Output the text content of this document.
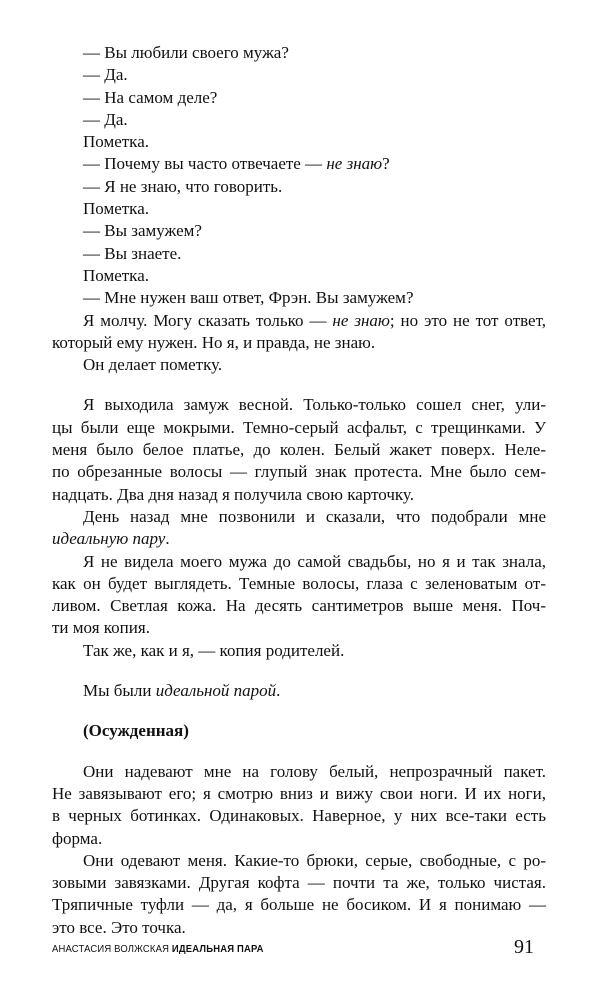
— Вы любили своего мужа?
— Да.
— На самом деле?
— Да.
Пометка.
— Почему вы часто отвечаете — не знаю?
— Я не знаю, что говорить.
Пометка.
— Вы замужем?
— Вы знаете.
Пометка.
— Мне нужен ваш ответ, Фрэн. Вы замужем?
Я молчу. Могу сказать только — не знаю; но это не тот ответ,
который ему нужен. Но я, и правда, не знаю.
Он делает пометку.
Я выходила замуж весной. Только-только сошел снег, ули-
цы были еще мокрыми. Темно-серый асфальт, с трещинками. У
меня было белое платье, до колен. Белый жакет поверх. Неле-
по обрезанные волосы — глупый знак протеста. Мне было сем-
надцать. Два дня назад я получила свою карточку.
День назад мне позвонили и сказали, что подобрали мне
идеальную пару.
Я не видела моего мужа до самой свадьбы, но я и так знала,
как он будет выглядеть. Темные волосы, глаза с зеленоватым от-
ливом. Светлая кожа. На десять сантиметров выше меня. Поч-
ти моя копия.
Так же, как и я, — копия родителей.
Мы были идеальной парой.
(Осужденная)
Они надевают мне на голову белый, непрозрачный пакет.
Не завязывают его; я смотрю вниз и вижу свои ноги. И их ноги,
в черных ботинках. Одинаковых. Наверное, у них все-таки есть
форма.
Они одевают меня. Какие-то брюки, серые, свободные, с ро-
зовыми завязками. Другая кофта — почти та же, только чистая.
Тряпичные туфли — да, я больше не босиком. И я понимаю —
это все. Это точка.
АНАСТАСИЯ ВОЛЖСКАЯ ИДЕАЛЬНАЯ ПАРА	91
